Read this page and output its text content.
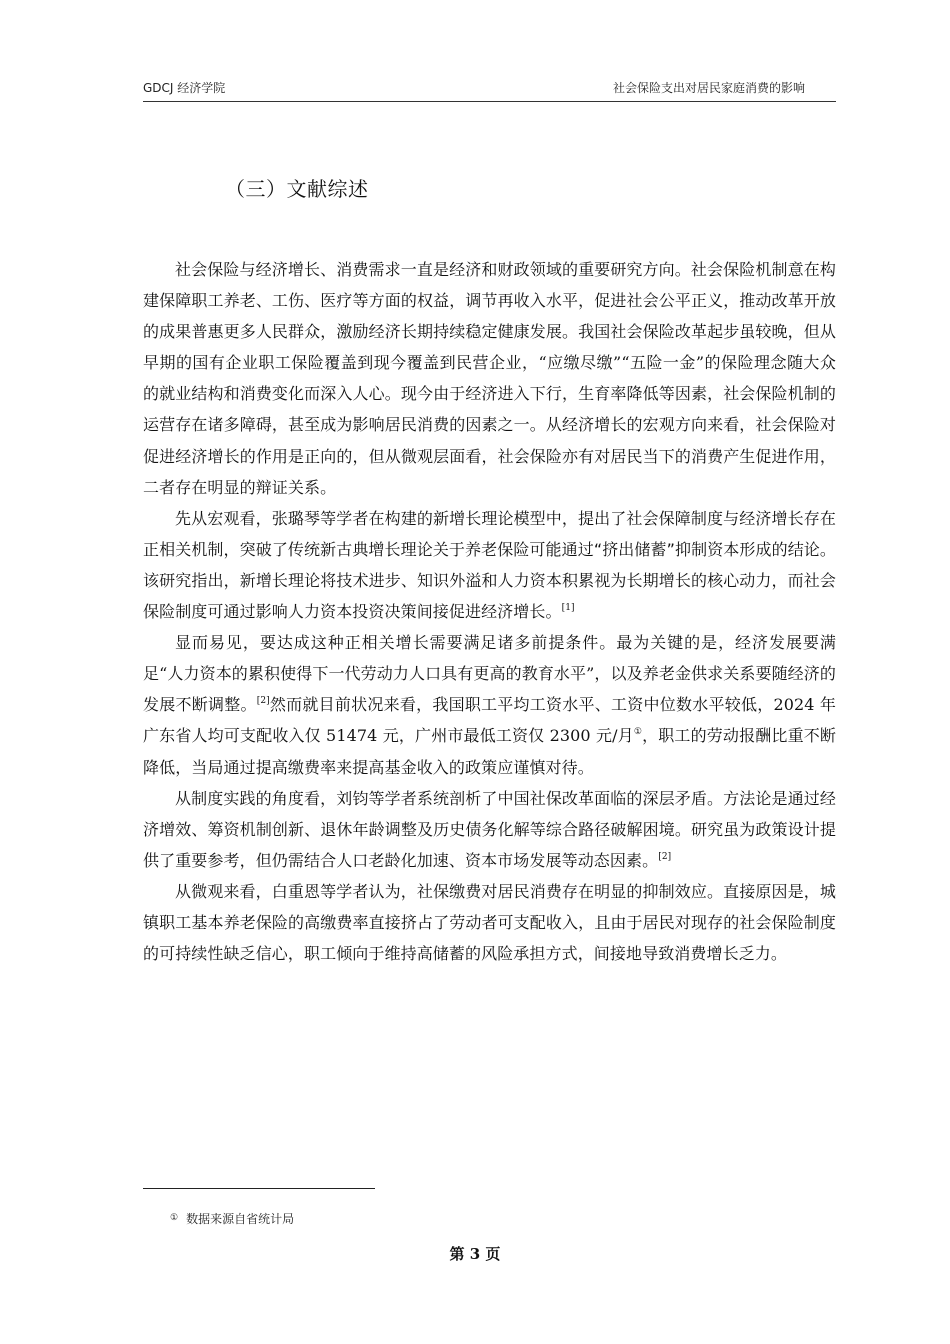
GDCJ 经济学院	社会保险支出对居民家庭消费的影响
（三）文献综述

社会保险与经济增长、消费需求一直是经济和财政领域的重要研究方向。社会保险机制意在构建保障职工养老、工伤、医疗等方面的权益，调节再收入水平，促进社会公平正义，推动改革开放的成果普惠更多人民群众，激励经济长期持续稳定健康发展。我国社会保险改革起步虽较晚，但从早期的国有企业职工保险覆盖到现今覆盖到民营企业，“应缴尽缴”“五险一金”的保险理念随大众的就业结构和消费变化而深入人心。现今由于经济进入下行，生育率降低等因素，社会保险机制的运营存在诸多障碍，甚至成为影响居民消费的因素之一。从经济增长的宏观方向来看，社会保险对促进经济增长的作用是正向的，但从微观层面看，社会保险亦有对居民当下的消费产生促进作用，二者存在明显的辩证关系。

先从宏观看，张璐琴等学者在构建的新增长理论模型中，提出了社会保障制度与经济增长存在正相关机制，突破了传统新古典增长理论关于养老保险可能通过“挤出储蓄”抑制资本形成的结论。该研究指出，新增长理论将技术进步、知识外溢和人力资本积累视为长期增长的核心动力，而社会保险制度可通过影响人力资本投资决策间接促进经济增长。[1]

显而易见，要达成这种正相关增长需要满足诸多前提条件。最为关键的是，经济发展要满足“人力资本的累积使得下一代劳动力人口具有更高的教育水平”，以及养老金供求关系要随经济的发展不断调整。[2]然而就目前状况来看，我国职工平均工资水平、工资中位数水平较低，2024 年广东省人均可支配收入仅 51474 元，广州市最低工资仅 2300 元/月①，职工的劳动报酬比重不断降低，当局通过提高缴费率来提高基金收入的政策应谨慎对待。

从制度实践的角度看，刘钧等学者系统剖析了中国社保改革面临的深层矛盾。方法论是通过经济增效、筹资机制创新、退休年龄调整及历史债务化解等综合路径破解困境。研究虽为政策设计提供了重要参考，但仍需结合人口老龄化加速、资本市场发展等动态因素。[2]

从微观来看，白重恩等学者认为，社保缴费对居民消费存在明显的抑制效应。直接原因是，城镇职工基本养老保险的高缴费率直接挤占了劳动者可支配收入，且由于居民对现存的社会保险制度的可持续性缺乏信心，职工倾向于维持高储蓄的风险承担方式，间接地导致消费增长乏力。

① 数据来源自省统计局
第 3 页
